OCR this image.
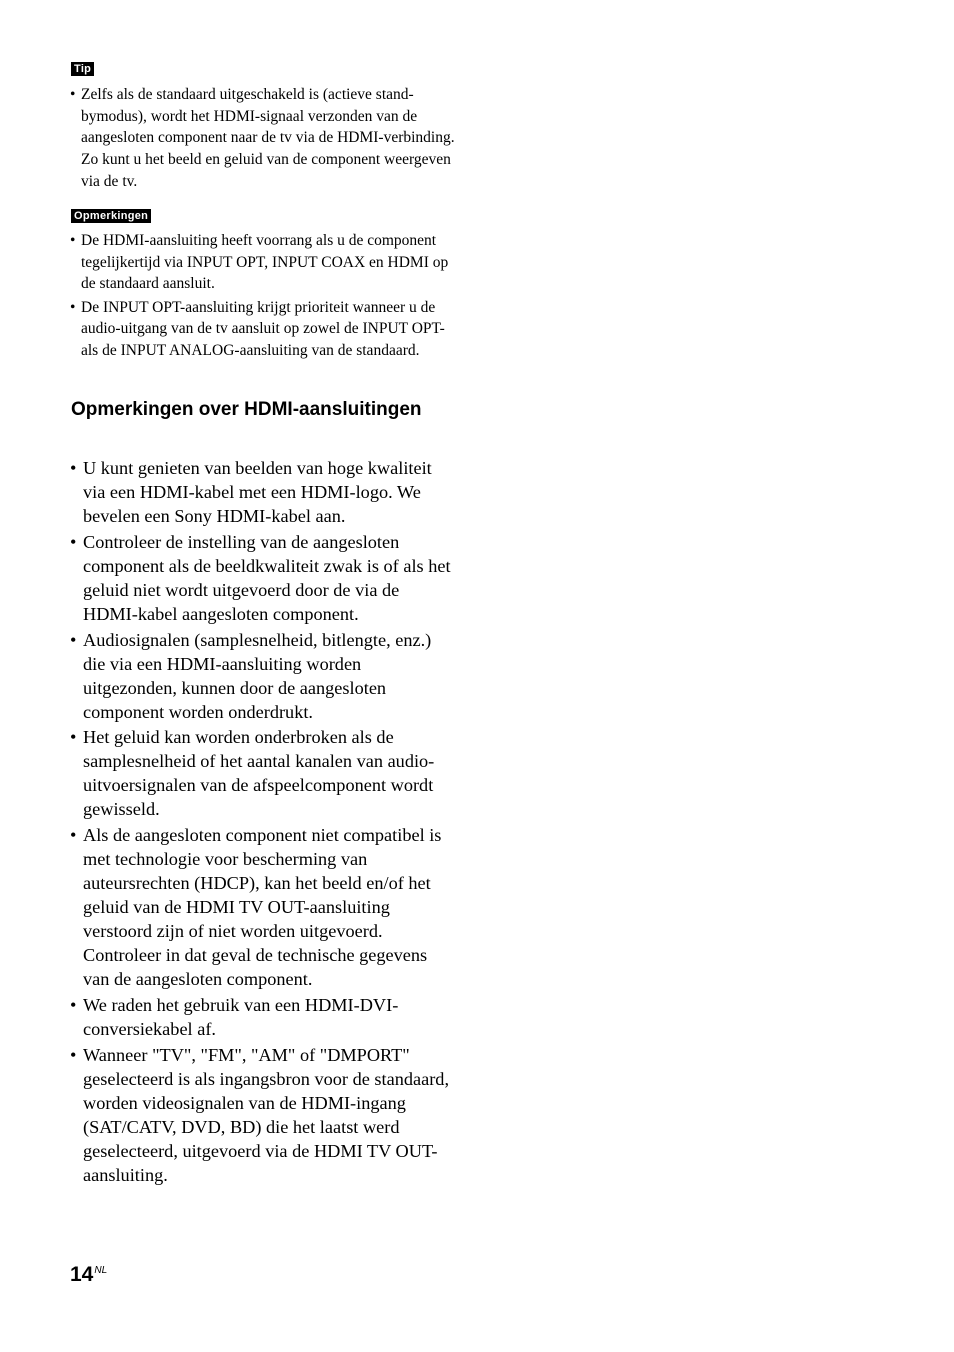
Tip
• Zelfs als de standaard uitgeschakeld is (actieve stand-bymodus), wordt het HDMI-signaal verzonden van de aangesloten component naar de tv via de HDMI-verbinding. Zo kunt u het beeld en geluid van de component weergeven via de tv.
Opmerkingen
• De HDMI-aansluiting heeft voorrang als u de component tegelijkertijd via INPUT OPT, INPUT COAX en HDMI op de standaard aansluit.
• De INPUT OPT-aansluiting krijgt prioriteit wanneer u de audio-uitgang van de tv aansluit op zowel de INPUT OPT- als de INPUT ANALOG-aansluiting van de standaard.
Opmerkingen over HDMI-aansluitingen
• U kunt genieten van beelden van hoge kwaliteit via een HDMI-kabel met een HDMI-logo. We bevelen een Sony HDMI-kabel aan.
• Controleer de instelling van de aangesloten component als de beeldkwaliteit zwak is of als het geluid niet wordt uitgevoerd door de via de HDMI-kabel aangesloten component.
• Audiosignalen (samplesnelheid, bitlengte, enz.) die via een HDMI-aansluiting worden uitgezonden, kunnen door de aangesloten component worden onderdrukt.
• Het geluid kan worden onderbroken als de samplesnelheid of het aantal kanalen van audio-uitvoersignalen van de afspeelcomponent wordt gewisseld.
• Als de aangesloten component niet compatibel is met technologie voor bescherming van auteursrechten (HDCP), kan het beeld en/of het geluid van de HDMI TV OUT-aansluiting verstoord zijn of niet worden uitgevoerd. Controleer in dat geval de technische gegevens van de aangesloten component.
• We raden het gebruik van een HDMI-DVI-conversiekabel af.
• Wanneer "TV", "FM", "AM" of "DMPORT" geselecteerd is als ingangsbron voor de standaard, worden videosignalen van de HDMI-ingang (SAT/CATV, DVD, BD) die het laatst werd geselecteerd, uitgevoerd via de HDMI TV OUT-aansluiting.
$14^{NL}$
